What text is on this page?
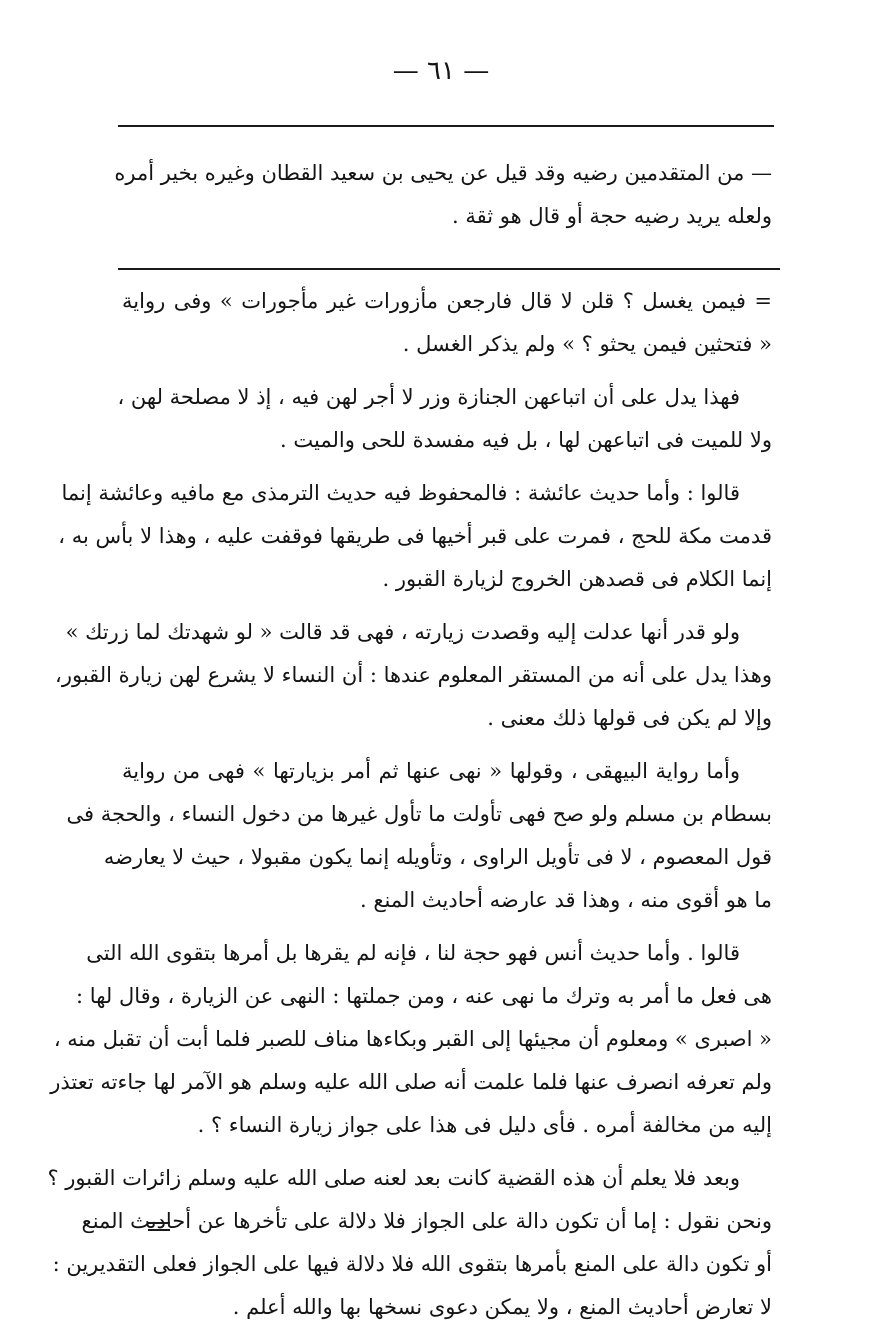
— ٦١ —
— من المتقدمين رضيه وقد قيل عن يحيى بن سعيد القطان وغيره بخير أمره
ولعله يريد رضيه حجة أو قال هو ثقة .
= فيمن يغسل ؟ قلن لا قال فارجعن مأزورات غير مأجورات » وفى رواية
« فتحثين فيمن يحثو ؟ » ولم يذكر الغسل .
فهذا يدل على أن اتباعهن الجنازة وزر لا أجر لهن فيه ، إذ لا مصلحة لهن ،
ولا للميت فى اتباعهن لها ، بل فيه مفسدة للحى والميت .
قالوا : وأما حديث عائشة : فالمحفوظ فيه حديث الترمذى مع مافيه وعائشة إنما
قدمت مكة للحج ، فمرت على قبر أخيها فى طريقها فوقفت عليه ، وهذا لا بأس به ،
إنما الكلام فى قصدهن الخروج لزيارة القبور .
ولو قدر أنها عدلت إليه وقصدت زيارته ، فهى قد قالت « لو شهدتك لما زرتك »
وهذا يدل على أنه من المستقر المعلوم عندها : أن النساء لا يشرع لهن زيارة القبور،
وإلا لم يكن فى قولها ذلك معنى .
وأما رواية البيهقى ، وقولها « نهى عنها ثم أمر بزيارتها » فهى من رواية
بسطام بن مسلم ولو صح فهى تأولت ما تأول غيرها من دخول النساء ، والحجة فى
قول المعصوم ، لا فى تأويل الراوى ، وتأويله إنما يكون مقبولا ، حيث لا يعارضه
ما هو أقوى منه ، وهذا قد عارضه أحاديث المنع .
قالوا . وأما حديث أنس فهو حجة لنا ، فإنه لم يقرها بل أمرها بتقوى الله التى
هى فعل ما أمر به وترك ما نهى عنه ، ومن جملتها : النهى عن الزيارة ، وقال لها :
« اصبرى » ومعلوم أن مجيئها إلى القبر وبكاءها مناف للصبر فلما أبت أن تقبل منه ،
ولم تعرفه انصرف عنها فلما علمت أنه صلى الله عليه وسلم هو الآمر لها جاءته تعتذر
إليه من مخالفة أمره . فأى دليل فى هذا على جواز زيارة النساء ؟ .
وبعد فلا يعلم أن هذه القضية كانت بعد لعنه صلى الله عليه وسلم زائرات القبور ؟
ونحن نقول : إما أن تكون دالة على الجواز فلا دلالة على تأخرها عن أحاديث المنع
أو تكون دالة على المنع بأمرها بتقوى الله فلا دلالة فيها على الجواز فعلى التقديرين :
لا تعارض أحاديث المنع ، ولا يمكن دعوى نسخها بها والله أعلم .
